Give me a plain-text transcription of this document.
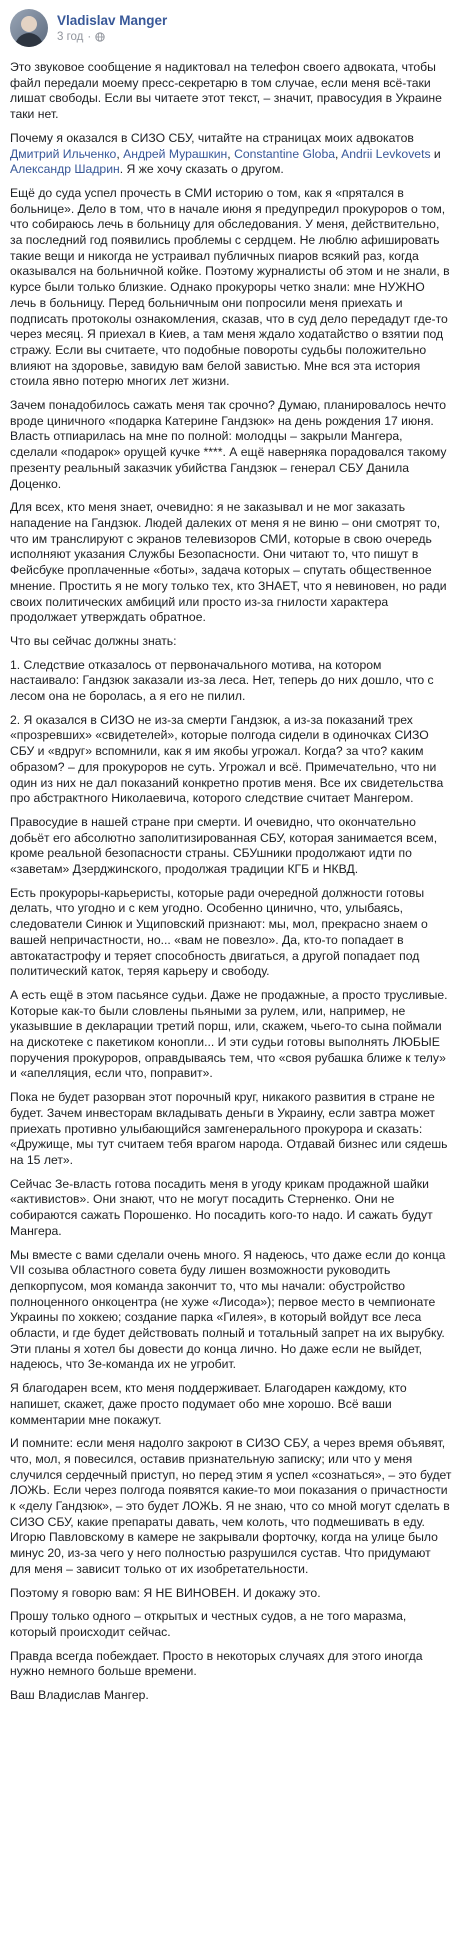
Vladislav Manger
3 год ·

Это звуковое сообщение я надиктовал на телефон своего адвоката, чтобы файл передали моему пресс-секретарю в том случае, если меня всё-таки лишат свободы. Если вы читаете этот текст, – значит, правосудия в Украине таки нет.

Почему я оказался в СИЗО СБУ, читайте на страницах моих адвокатов Дмитрий Ильченко, Андрей Мурашкин, Constantine Globa, Andrii Levkovets и Александр Шадрин. Я же хочу сказать о другом.

Ещё до суда успел прочесть в СМИ историю о том, как я «прятался в больнице». Дело в том, что в начале июня я предупредил прокуроров о том, что собираюсь лечь в больницу для обследования. У меня, действительно, за последний год появились проблемы с сердцем. Не люблю афишировать такие вещи и никогда не устраивал публичных пиаров всякий раз, когда оказывался на больничной койке. Поэтому журналисты об этом и не знали, в курсе были только близкие. Однако прокуроры четко знали: мне НУЖНО лечь в больницу. Перед больничным они попросили меня приехать и подписать протоколы ознакомления, сказав, что в суд дело передадут где-то через месяц. Я приехал в Киев, а там меня ждало ходатайство о взятии под стражу. Если вы считаете, что подобные повороты судьбы положительно влияют на здоровье, завидую вам белой завистью. Мне вся эта история стоила явно потерю многих лет жизни.

Зачем понадобилось сажать меня так срочно? Думаю, планировалось нечто вроде циничного «подарка Катерине Гандзюк» на день рождения 17 июня. Власть отпиарилась на мне по полной: молодцы – закрыли Мангера, сделали «подарок» орущей кучке ****. А ещё наверняка порадовался такому презенту реальный заказчик убийства Гандзюк – генерал СБУ Данила Доценко.

Для всех, кто меня знает, очевидно: я не заказывал и не мог заказать нападение на Гандзюк. Людей далеких от меня я не виню – они смотрят то, что им транслируют с экранов телевизоров СМИ, которые в свою очередь исполняют указания Службы Безопасности. Они читают то, что пишут в Фейсбуке проплаченные «боты», задача которых – спутать общественное мнение. Простить я не могу только тех, кто ЗНАЕТ, что я невиновен, но ради своих политических амбиций или просто из-за гнилости характера продолжает утверждать обратное.

Что вы сейчас должны знать:

1. Следствие отказалось от первоначального мотива, на котором настаивало: Гандзюк заказали из-за леса. Нет, теперь до них дошло, что с лесом она не боролась, а я его не пилил.

2. Я оказался в СИЗО не из-за смерти Гандзюк, а из-за показаний трех «прозревших» «свидетелей», которые полгода сидели в одиночках СИЗО СБУ и «вдруг» вспомнили, как я им якобы угрожал. Когда? за что? каким образом? – для прокуроров не суть. Угрожал и всё. Примечательно, что ни один из них не дал показаний конкретно против меня. Все их свидетельства про абстрактного Николаевича, которого следствие считает Мангером.

Правосудие в нашей стране при смерти. И очевидно, что окончательно добьёт его абсолютно заполитизированная СБУ, которая занимается всем, кроме реальной безопасности страны. СБУшники продолжают идти по «заветам» Дзерджинского, продолжая традиции КГБ и НКВД.

Есть прокуроры-карьеристы, которые ради очередной должности готовы делать, что угодно и с кем угодно. Особенно цинично, что, улыбаясь, следователи Синюк и Ущиповский признают: мы, мол, прекрасно знаем о вашей непричастности, но... «вам не повезло». Да, кто-то попадает в автокатастрофу и теряет способность двигаться, а другой попадает под политический каток, теряя карьеру и свободу.

А есть ещё в этом пасьянсе судьи. Даже не продажные, а просто трусливые. Которые как-то были словлены пьяными за рулем, или, например, не указывшие в декларации третий порш, или, скажем, чьего-то сына поймали на дискотеке с пакетиком конопли... И эти судьи готовы выполнять ЛЮБЫЕ поручения прокуроров, оправдываясь тем, что «своя рубашка ближе к телу» и «апелляция, если что, поправит».

Пока не будет разорван этот порочный круг, никакого развития в стране не будет. Зачем инвесторам вкладывать деньги в Украину, если завтра может приехать противно улыбающийся замгенерального прокурора и сказать: «Дружище, мы тут считаем тебя врагом народа. Отдавай бизнес или сядешь на 15 лет».

Сейчас Зе-власть готова посадить меня в угоду крикам продажной шайки «активистов». Они знают, что не могут посадить Стерненко. Они не собираются сажать Порошенко. Но посадить кого-то надо. И сажать будут Мангера.

Мы вместе с вами сделали очень много. Я надеюсь, что даже если до конца VII созыва областного совета буду лишен возможности руководить депкорпусом, моя команда закончит то, что мы начали: обустройство полноценного онкоцентра (не хуже «Лисода»); первое место в чемпионате Украины по хоккею; создание парка «Гилея», в который войдут все леса области, и где будет действовать полный и тотальный запрет на их вырубку. Эти планы я хотел бы довести до конца лично. Но даже если не выйдет, надеюсь, что Зе-команда их не угробит.

Я благодарен всем, кто меня поддерживает. Благодарен каждому, кто напишет, скажет, даже просто подумает обо мне хорошо. Всё ваши комментарии мне покажут.

И помните: если меня надолго закроют в СИЗО СБУ, а через время объявят, что, мол, я повесился, оставив признательную записку; или что у меня случился сердечный приступ, но перед этим я успел «сознаться», – это будет ЛОЖЬ. Если через полгода появятся какие-то мои показания о причастности к «делу Гандзюк», – это будет ЛОЖЬ. Я не знаю, что со мной могут сделать в СИЗО СБУ, какие препараты давать, чем колоть, что подмешивать в еду. Игорю Павловскому в камере не закрывали форточку, когда на улице было минус 20, из-за чего у него полностью разрушился сустав. Что придумают для меня – зависит только от их изобретательности.

Поэтому я говорю вам: Я НЕ ВИНОВЕН. И докажу это.

Прошу только одного – открытых и честных судов, а не того маразма, который происходит сейчас.

Правда всегда побеждает. Просто в некоторых случаях для этого иногда нужно немного больше времени.

Ваш Владислав Мангер.
